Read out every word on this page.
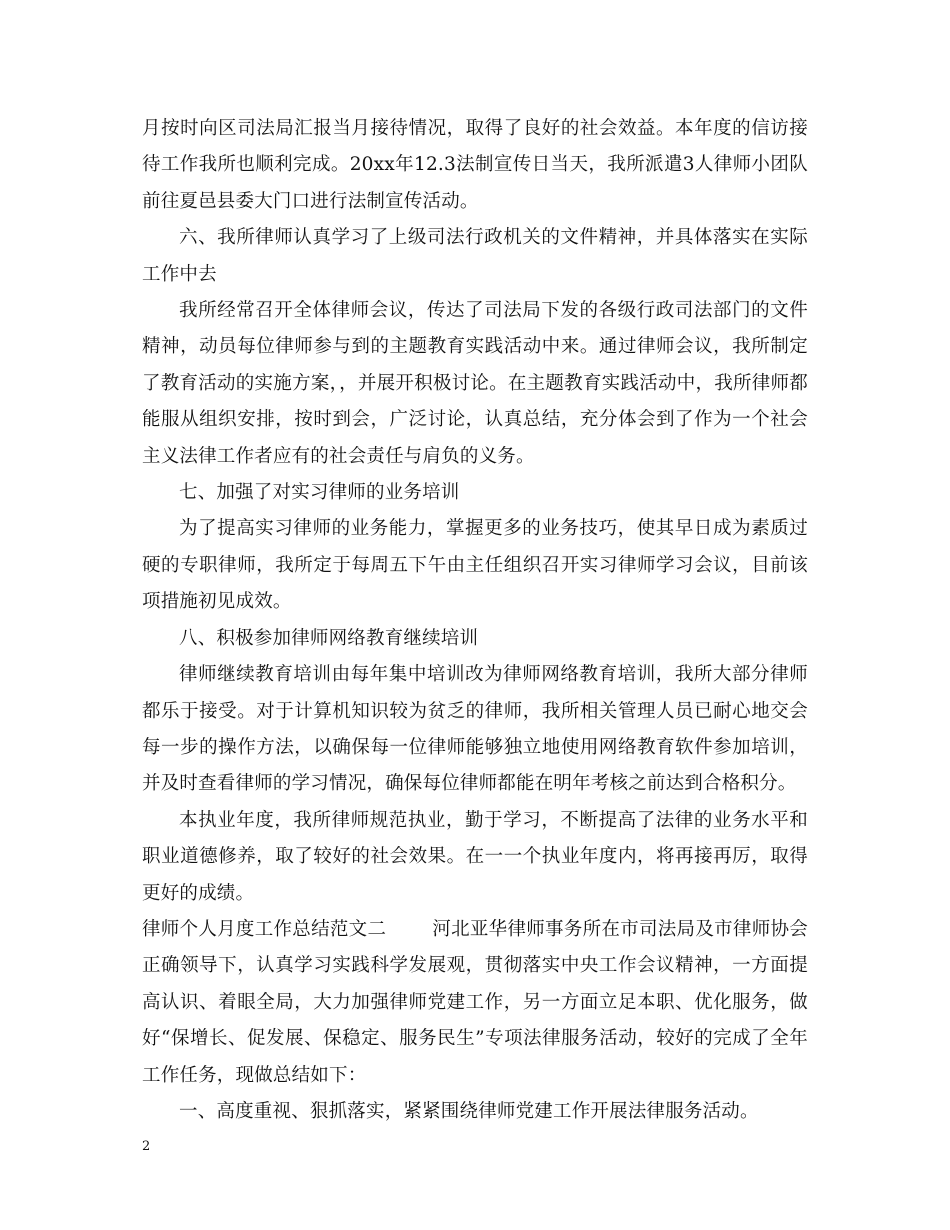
月按时向区司法局汇报当月接待情况，取得了良好的社会效益。本年度的信访接待工作我所也顺利完成。20xx年12.3法制宣传日当天，我所派遣3人律师小团队前往夏邑县委大门口进行法制宣传活动。

六、我所律师认真学习了上级司法行政机关的文件精神，并具体落实在实际工作中去

我所经常召开全体律师会议，传达了司法局下发的各级行政司法部门的文件精神，动员每位律师参与到的主题教育实践活动中来。通过律师会议，我所制定了教育活动的实施方案，，并展开积极讨论。在主题教育实践活动中，我所律师都能服从组织安排，按时到会，广泛讨论，认真总结，充分体会到了作为一个社会主义法律工作者应有的社会责任与肩负的义务。

七、加强了对实习律师的业务培训

为了提高实习律师的业务能力，掌握更多的业务技巧，使其早日成为素质过硬的专职律师，我所定于每周五下午由主任组织召开实习律师学习会议，目前该项措施初见成效。

八、积极参加律师网络教育继续培训

律师继续教育培训由每年集中培训改为律师网络教育培训，我所大部分律师都乐于接受。对于计算机知识较为贫乏的律师，我所相关管理人员已耐心地交会每一步的操作方法，以确保每一位律师能够独立地使用网络教育软件参加培训，并及时查看律师的学习情况，确保每位律师都能在明年考核之前达到合格积分。

本执业年度，我所律师规范执业，勤于学习，不断提高了法律的业务水平和职业道德修养，取了较好的社会效果。在一一个执业年度内，将再接再厉，取得更好的成绩。

律师个人月度工作总结范文二 河北亚华律师事务所在市司法局及市律师协会正确领导下，认真学习实践科学发展观，贯彻落实中央工作会议精神，一方面提高认识、着眼全局，大力加强律师党建工作，另一方面立足本职、优化服务，做好“保增长、促发展、保稳定、服务民生”专项法律服务活动，较好的完成了全年工作任务，现做总结如下：

一、高度重视、狠抓落实，紧紧围绕律师党建工作开展法律服务活动。

2
